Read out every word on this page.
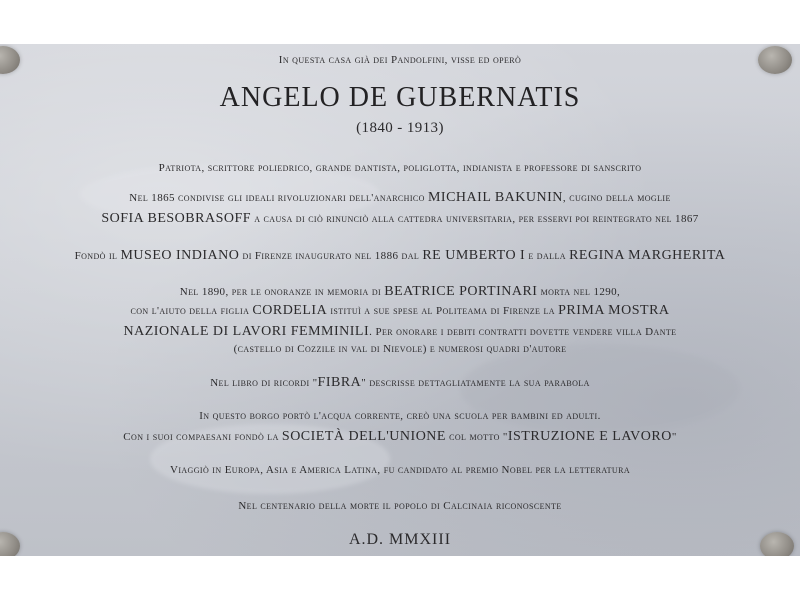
In questa casa già dei Pandolfini, visse ed operò
ANGELO DE GUBERNATIS
(1840 - 1913)
Patriota, scrittore poliedrico, grande dantista, poliglotta, indianista e professore di sanscrito
Nel 1865 condivise gli ideali rivoluzionari dell'anarchico MICHAIL BAKUNIN, cugino della moglie
SOFIA BESOBRASOFF a causa di ciò rinunciò alla cattedra universitaria, per esservi poi reintegrato nel 1867
Fondò il MUSEO INDIANO di Firenze inaugurato nel 1886 dal RE UMBERTO I e dalla REGINA MARGHERITA
Nel 1890, per le onoranze in memoria di BEATRICE PORTINARI morta nel 1290,
con l'aiuto della figlia CORDELIA istituì a sue spese al Politeama di Firenze la PRIMA MOSTRA
NAZIONALE DI LAVORI FEMMINILI. Per onorare i debiti contratti dovette vendere villa Dante
(castello di Cozzile in val di Nievole) e numerosi quadri d'autore
Nel libro di ricordi "FIBRA" descrisse dettagliatamente la sua parabola
In questo borgo portò l'acqua corrente, creò una scuola per bambini ed adulti.
Con i suoi compaesani fondò la SOCIETÀ DELL'UNIONE col motto "ISTRUZIONE E LAVORO"
Viaggiò in Europa, Asia e America Latina, fu candidato al premio Nobel per la letteratura
Nel centenario della morte il popolo di Calcinaia riconoscente
A.D. MMXIII
